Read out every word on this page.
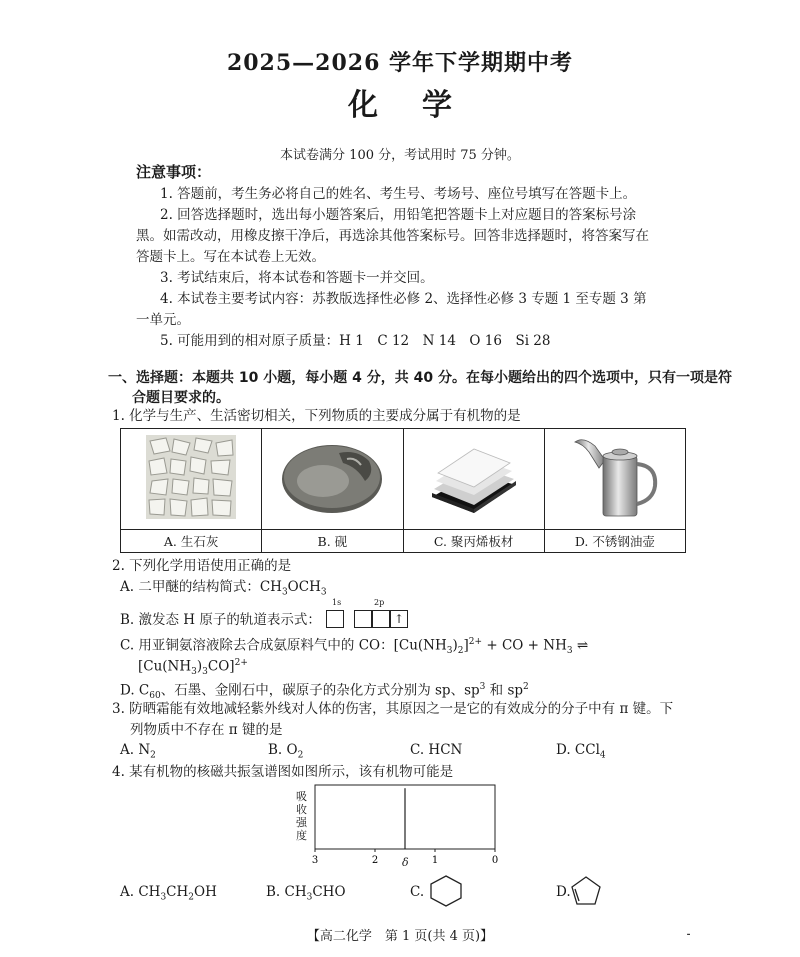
2025—2026 学年下学期期中考
化学
本试卷满分 100 分，考试用时 75 分钟。
注意事项：
1. 答题前，考生务必将自己的姓名、考生号、考场号、座位号填写在答题卡上。
2. 回答选择题时，选出每小题答案后，用铅笔把答题卡上对应题目的答案标号涂
黑。如需改动，用橡皮擦干净后，再选涂其他答案标号。回答非选择题时，将答案写在
答题卡上。写在本试卷上无效。
3. 考试结束后，将本试卷和答题卡一并交回。
4. 本试卷主要考试内容：苏教版选择性必修 2、选择性必修 3 专题 1 至专题 3 第
一单元。
5. 可能用到的相对原子质量：H 1　C 12　N 14　O 16　Si 28
一、选择题：本题共 10 小题，每小题 4 分，共 40 分。在每小题给出的四个选项中，只有一项是符
合题目要求的。
1. 化学与生产、生活密切相关，下列物质的主要成分属于有机物的是

A. 生石灰	B. 砚	C. 聚丙烯板材	D. 不锈钢油壶
2. 下列化学用语使用正确的是
A. 二甲醚的结构简式：$CH_3OCH_3$
B. 激发态 H 原子的轨道表示式：
1s	2p
↑
C. 用亚铜氨溶液除去合成氨原料气中的 CO：$[Cu(NH_3)_2]^{2+}$ + CO + $NH_3$ ⇌
$[Cu(NH_3)_3CO]^{2+}$
D. $C_{60}$、石墨、金刚石中，碳原子的杂化方式分别为 sp、$sp^3$ 和 $sp^2$
3. 防晒霜能有效地减轻紫外线对人体的伤害，其原因之一是它的有效成分的分子中有 π 键。下
列物质中不存在 π 键的是
A. $N_2$	B. $O_2$	C. HCN	D. CCl$_4$
4. 某有机物的核磁共振氢谱图如图所示，该有机物可能是
吸收强度
3	2	1	0
δ
A. $CH_3CH_2OH$	B. $CH_3CHO$	C.	D.
【高二化学　第 1 页(共 4 页)】	⁃
